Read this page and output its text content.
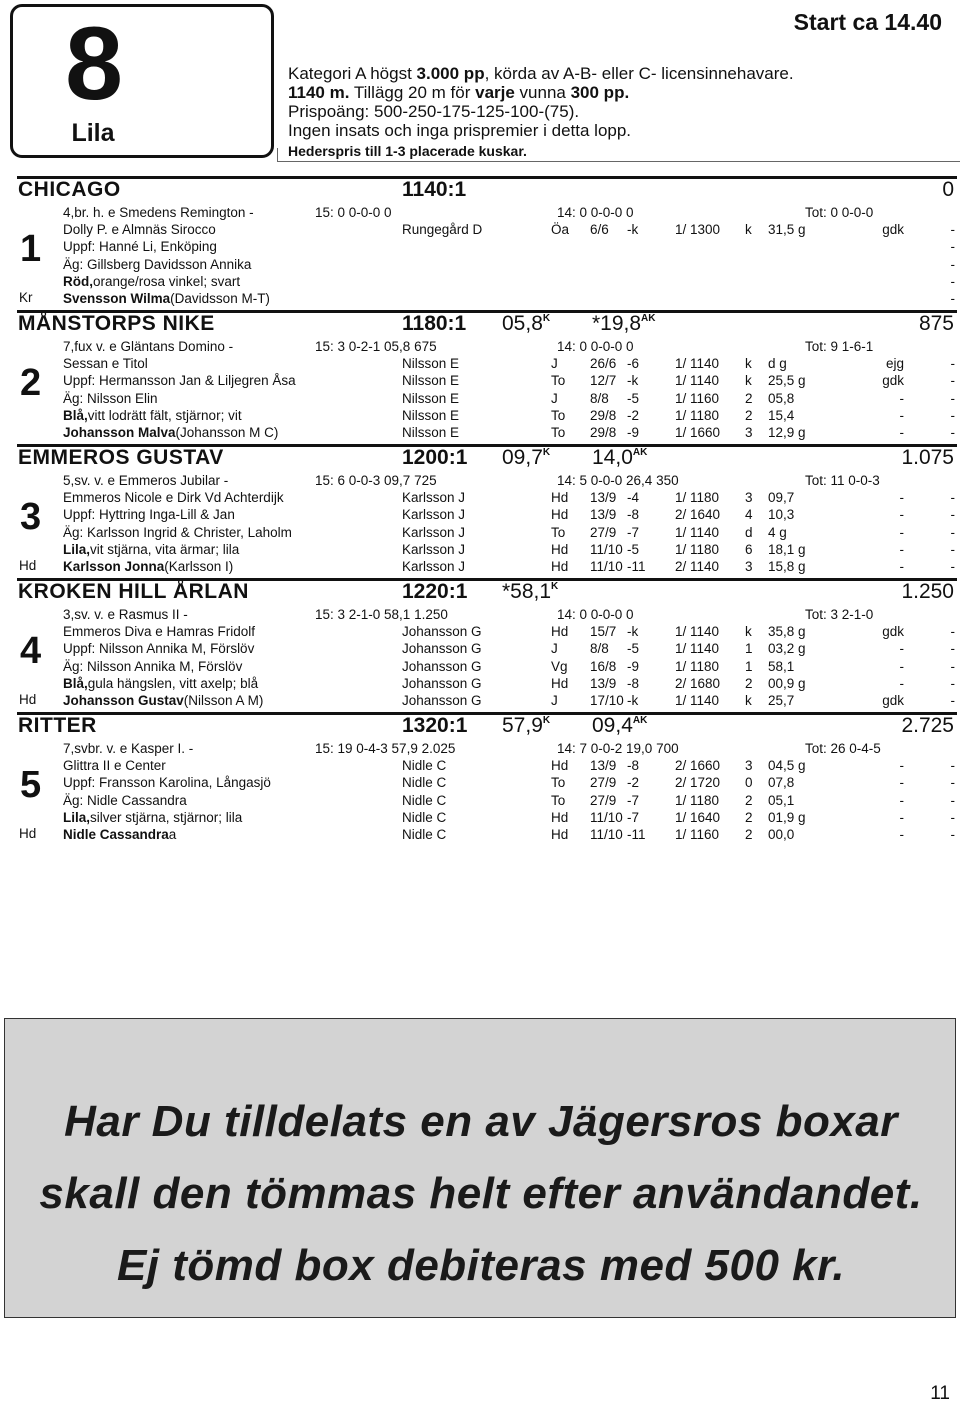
8
Lila
Start ca 14.40
Kategori A högst 3.000 pp, körda av A-B- eller C- licensinnehavare.
1140 m. Tillägg 20 m för varje vunna 300 pp.
Prispoäng: 500-250-175-125-100-(75).
Ingen insats och inga prispremier i detta lopp.
Hederspris till 1-3 placerade kuskar.
CHICAGO	1140:1	0
4,br. h. e Smedens Remington -	15: 0 0-0-0 0	14: 0 0-0-0 0	Tot: 0 0-0-0
Dolly P. e Almnäs Sirocco	Rungegård D	Öa 6/6 -k	1/ 1300 k 31,5 g	gdk	-
Uppf: Hanné Li, Enköping	-
Äg: Gillsberg Davidsson Annika	-
Röd, orange/rosa vinkel; svart	-
Svensson Wilma (Davidsson M-T)	-
1
Kr
MÅNSTORPS NIKE	1180:1 $05,8^K$ $*19,8^{AK}$	875
7,fux v. e Gläntans Domino -	15: 3 0-2-1 05,8 675	14: 0 0-0-0 0	Tot: 9 1-6-1
Sessan e Titol	Nilsson E	J 26/6 -6	1/ 1140 k d g	ejg	-
Uppf: Hermansson Jan & Liljegren Åsa	Nilsson E	To 12/7 -k	1/ 1140 k 25,5 g	gdk	-
Äg: Nilsson Elin	Nilsson E	J 8/8 -5	1/ 1160 2 05,8	-	-
Blå, vitt lodrätt fält, stjärnor; vit	Nilsson E	To 29/8 -2	1/ 1180 2 15,4	-	-
Johansson Malva (Johansson M C)	Nilsson E	To 29/8 -9	1/ 1660 3 12,9 g	-	-
2
EMMEROS GUSTAV	1200:1 $09,7^K$ $14,0^{AK}$	1.075
5,sv. v. e Emmeros Jubilar -	15: 6 0-0-3 09,7 725	14: 5 0-0-0 26,4 350	Tot: 11 0-0-3
Emmeros Nicole e Dirk Vd Achterdijk	Karlsson J	Hd 13/9 -4	1/ 1180 3 09,7	-	-
Uppf: Hyttring Inga-Lill & Jan	Karlsson J	Hd 13/9 -8	2/ 1640 4 10,3	-	-
Äg: Karlsson Ingrid & Christer, Laholm	Karlsson J	To 27/9 -7	1/ 1140 d 4 g	-	-
Lila, vit stjärna, vita ärmar; lila	Karlsson J	Hd 11/10 -5	1/ 1180 6 18,1 g	-	-
Karlsson Jonna (Karlsson I)	Karlsson J	Hd 11/10 -11 2/ 1140 3 15,8 g	-	-
3
Hd
KROKEN HILL ÅRLAN	1220:1 $*58,1^K$	1.250
3,sv. v. e Rasmus II -	15: 3 2-1-0 58,1 1.250	14: 0 0-0-0 0	Tot: 3 2-1-0
Emmeros Diva e Hamras Fridolf	Johansson G	Hd 15/7 -k	1/ 1140 k 35,8 g	gdk	-
Uppf: Nilsson Annika M, Förslöv	Johansson G	J 8/8 -5	1/ 1140 1 03,2 g	-	-
Äg: Nilsson Annika M, Förslöv	Johansson G	Vg 16/8 -9	1/ 1180 1 58,1	-	-
Blå, gula hängslen, vitt axelp; blå	Johansson G	Hd 13/9 -8	2/ 1680 2 00,9 g	-	-
Johansson Gustav (Nilsson A M)	Johansson G	J 17/10 -k	1/ 1140 k 25,7	gdk	-
4
Hd
RITTER	1320:1 $57,9^K$ $09,4^{AK}$	2.725
7,svbr. v. e Kasper I. -	15: 19 0-4-3 57,9 2.025	14: 7 0-0-2 19,0 700	Tot: 26 0-4-5
Glittra II e Center	Nidle C	Hd 13/9 -8	2/ 1660 3 04,5 g	-	-
Uppf: Fransson Karolina, Långasjö	Nidle C	To 27/9 -2	2/ 1720 0 07,8	-	-
Äg: Nidle Cassandra	Nidle C	To 27/9 -7	1/ 1180 2 05,1	-	-
Lila, silver stjärna, stjärnor; lila	Nidle C	Hd 11/10 -7	1/ 1640 2 01,9 g	-	-
Nidle Cassandra a	Nidle C	Hd 11/10 -11 1/ 1160 2 00,0	-	-
5
Hd
Har Du tilldelats en av Jägersros boxar
skall den tömmas helt efter användandet.
Ej tömd box debiteras med 500 kr.
11
